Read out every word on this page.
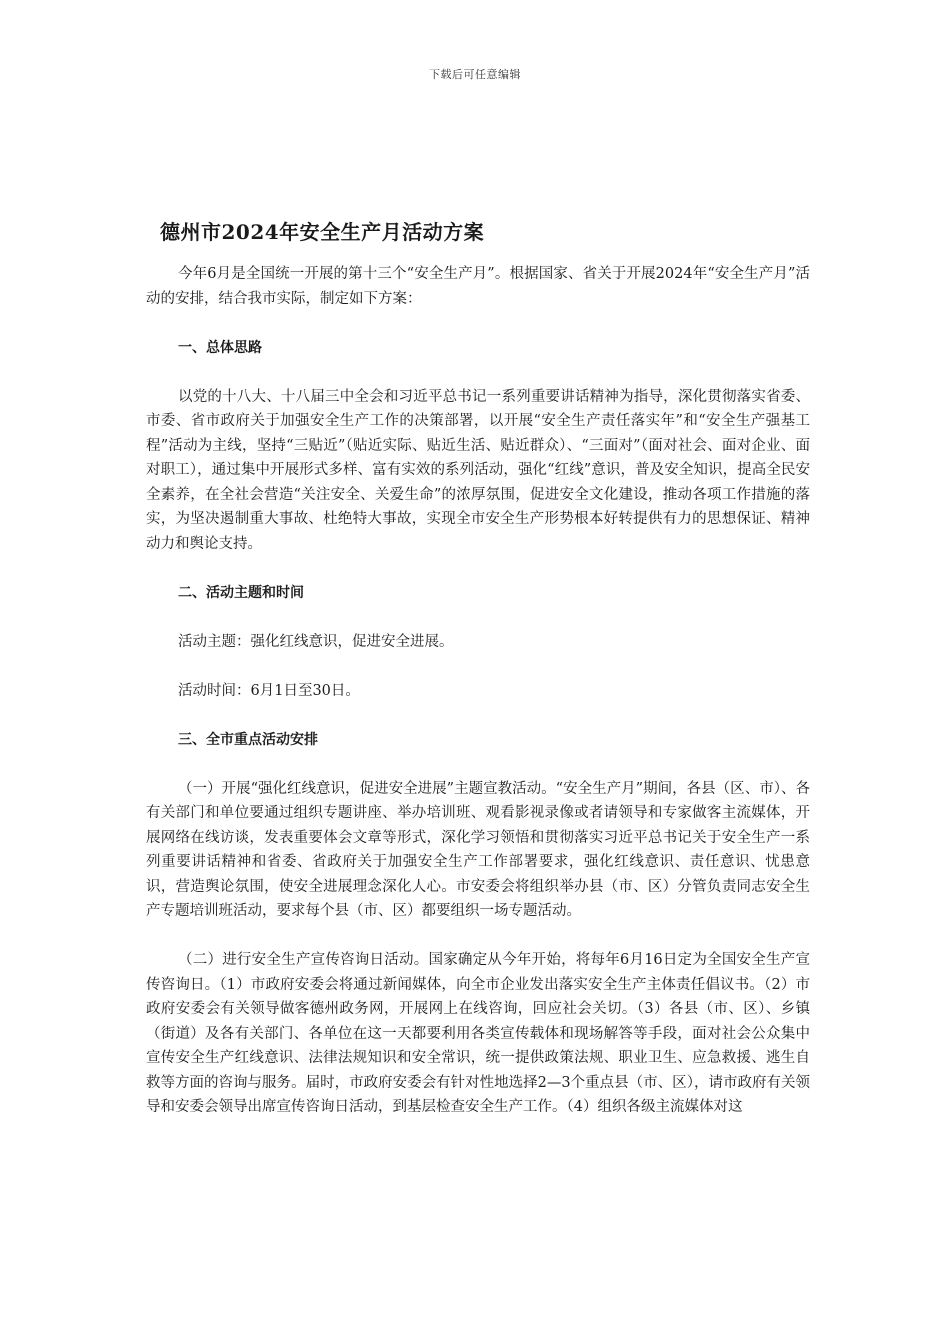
下载后可任意编辑
德州市2024年安全生产月活动方案

今年6月是全国统一开展的第十三个“安全生产月”。根据国家、省关于开展2024年“安全生产月”活动的安排，结合我市实际，制定如下方案：

一、总体思路

以党的十八大、十八届三中全会和习近平总书记一系列重要讲话精神为指导，深化贯彻落实省委、市委、省市政府关于加强安全生产工作的决策部署，以开展“安全生产责任落实年”和“安全生产强基工程”活动为主线，坚持“三贴近”（贴近实际、贴近生活、贴近群众）、“三面对”（面对社会、面对企业、面对职工），通过集中开展形式多样、富有实效的系列活动，强化“红线”意识，普及安全知识，提高全民安全素养，在全社会营造“关注安全、关爱生命”的浓厚氛围，促进安全文化建设，推动各项工作措施的落实，为坚决遏制重大事故、杜绝特大事故，实现全市安全生产形势根本好转提供有力的思想保证、精神动力和舆论支持。

二、活动主题和时间

活动主题：强化红线意识，促进安全进展。

活动时间：6月1日至30日。

三、全市重点活动安排

（一）开展“强化红线意识，促进安全进展”主题宣教活动。“安全生产月”期间，各县（区、市）、各有关部门和单位要通过组织专题讲座、举办培训班、观看影视录像或者请领导和专家做客主流媒体，开展网络在线访谈，发表重要体会文章等形式，深化学习领悟和贯彻落实习近平总书记关于安全生产一系列重要讲话精神和省委、省政府关于加强安全生产工作部署要求，强化红线意识、责任意识、忧患意识，营造舆论氛围，使安全进展理念深化人心。市安委会将组织举办县（市、区）分管负责同志安全生产专题培训班活动，要求每个县（市、区）都要组织一场专题活动。

（二）进行安全生产宣传咨询日活动。国家确定从今年开始，将每年6月16日定为全国安全生产宣传咨询日。（1）市政府安委会将通过新闻媒体，向全市企业发出落实安全生产主体责任倡议书。（2）市政府安委会有关领导做客德州政务网，开展网上在线咨询，回应社会关切。（3）各县（市、区）、乡镇（街道）及各有关部门、各单位在这一天都要利用各类宣传载体和现场解答等手段，面对社会公众集中宣传安全生产红线意识、法律法规知识和安全常识，统一提供政策法规、职业卫生、应急救援、逃生自救等方面的咨询与服务。届时，市政府安委会有针对性地选择2—3个重点县（市、区），请市政府有关领导和安委会领导出席宣传咨询日活动，到基层检查安全生产工作。（4）组织各级主流媒体对这
